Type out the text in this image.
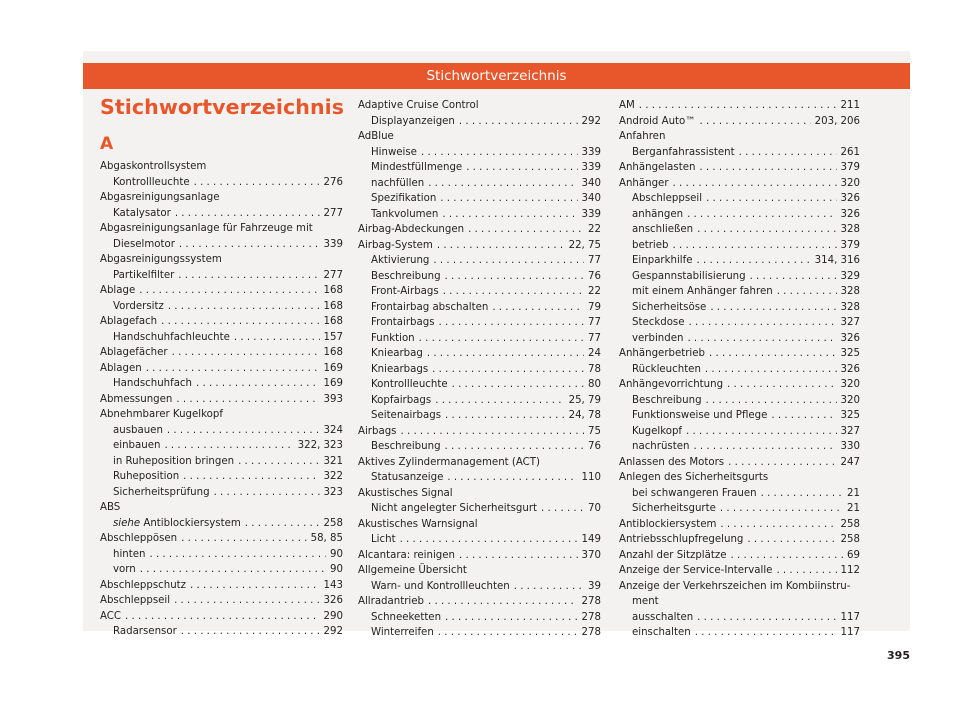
Stichwortverzeichnis
Stichwortverzeichnis
A
Abgaskontrollsystem
Kontrollleuchte . . .	276
Abgasreinigungsanlage
Katalysator . . .	277
Abgasreinigungsanlage für Fahrzeuge mit
Dieselmotor . . .	339
Abgasreinigungssystem
Partikelfilter . . .	277
Ablage . . .	168
Vordersitz . . .	168
Ablagefach . . .	168
Handschuhfachleuchte . . .	157
Ablagefächer . . .	168
Ablagen . . .	169
Handschuhfach . . .	169
Abmessungen . . .	393
Abnehmbarer Kugelkopf
ausbauen . . .	324
einbauen . . .	322, 323
in Ruheposition bringen . . .	321
Ruheposition . . .	322
Sicherheitsprüfung . . .	323
ABS
siehe Antiblockiersystem . . .	258
Abschleppösen . . .	58, 85
hinten . . .	90
vorn . . .	90
Abschleppschutz . . .	143
Abschleppseil . . .	326
ACC . . .	290
Radarsensor . . .	292
Adaptive Cruise Control
Displayanzeigen . . .	292
AdBlue
Hinweise . . .	339
Mindestfüllmenge . . .	339
nachfüllen . . .	340
Spezifikation . . .	340
Tankvolumen . . .	339
Airbag-Abdeckungen . . .	22
Airbag-System . . .	22, 75
Aktivierung . . .	77
Beschreibung . . .	76
Front-Airbags . . .	22
Frontairbag abschalten . . .	79
Frontairbags . . .	77
Funktion . . .	77
Kniearbag . . .	24
Kniearbags . . .	78
Kontrollleuchte . . .	80
Kopfairbags . . .	25, 79
Seitenairbags . . .	24, 78
Airbags . . .	75
Beschreibung . . .	76
Aktives Zylindermanagement (ACT)
Statusanzeige . . .	110
Akustisches Signal
Nicht angelegter Sicherheitsgurt . . .	70
Akustisches Warnsignal
Licht . . .	149
Alcantara: reinigen . . .	370
Allgemeine Übersicht
Warn- und Kontrollleuchten . . .	39
Allradantrieb . . .	278
Schneeketten . . .	278
Winterreifen . . .	278
AM . . .	211
Android Auto™ . . .	203, 206
Anfahren
Berganfahrassistent . . .	261
Anhängelasten . . .	379
Anhänger . . .	320
Abschleppseil . . .	326
anhängen . . .	326
anschließen . . .	328
betrieb . . .	379
Einparkhilfe . . .	314, 316
Gespannstabilisierung . . .	329
mit einem Anhänger fahren . . .	328
Sicherheitsöse . . .	328
Steckdose . . .	327
verbinden . . .	326
Anhängerbetrieb . . .	325
Rückleuchten . . .	326
Anhängevorrichtung . . .	320
Beschreibung . . .	320
Funktionsweise und Pflege . . .	325
Kugelkopf . . .	327
nachrüsten . . .	330
Anlassen des Motors . . .	247
Anlegen des Sicherheitsgurts
bei schwangeren Frauen . . .	21
Sicherheitsgurte . . .	21
Antiblockiersystem . . .	258
Antriebsschlupfregelung . . .	258
Anzahl der Sitzplätze . . .	69
Anzeige der Service-Intervalle . . .	112
Anzeige der Verkehrszeichen im Kombiinstru-
ment
ausschalten . . .	117
einschalten . . .	117
395
